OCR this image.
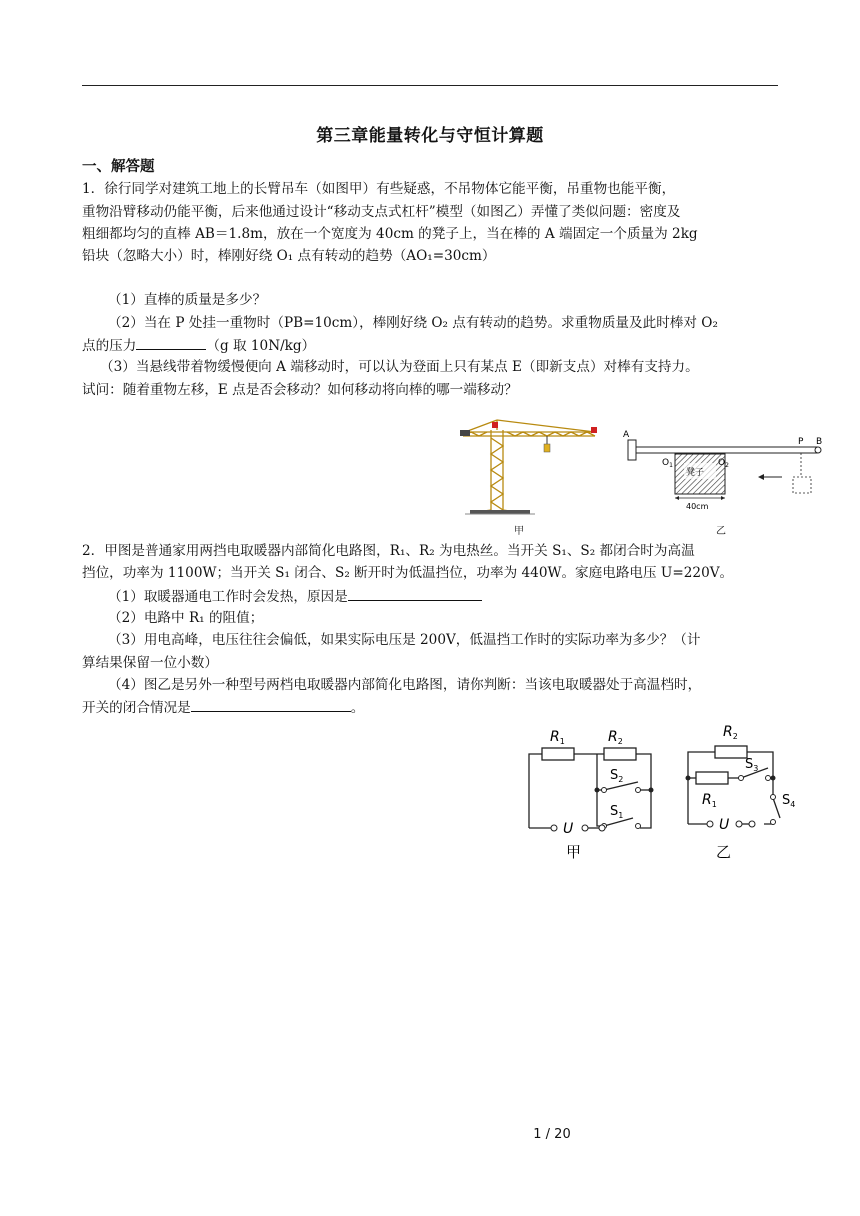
第三章能量转化与守恒计算题
一、解答题
1．徐行同学对建筑工地上的长臂吊车（如图甲）有些疑惑，不吊物体它能平衡，吊重物也能平衡，
重物沿臂移动仍能平衡，后来他通过设计“移动支点式杠杆”模型（如图乙）弄懂了类似问题：密度及
粗细都均匀的直棒 AB＝1.8m，放在一个宽度为 40cm 的凳子上，当在棒的 A 端固定一个质量为 2kg
铅块（忽略大小）时，棒刚好绕 O₁ 点有转动的趋势（AO₁=30cm）
（1）直棒的质量是多少？
（2）当在 P 处挂一重物时（PB=10cm），棒刚好绕 O₂ 点有转动的趋势。求重物质量及此时棒对 O₂
点的压力	（g 取 10N/kg）
（3）当悬线带着物缓慢便向 A 端移动时，可以认为登面上只有某点 E（即新支点）对棒有支持力。
试问：随着重物左移，E 点是否会移动？如何移动将向棒的哪一端移动？
甲
A
P B
凳子
$O_1$	$O_2$
40cm
乙
2．甲图是普通家用两挡电取暖器内部简化电路图，R₁、R₂ 为电热丝。当开关 S₁、S₂ 都闭合时为高温
挡位，功率为 1100W；当开关 S₁ 闭合、S₂ 断开时为低温挡位，功率为 440W。家庭电路电压 U=220V。
（1）取暖器通电工作时会发热，原因是
（2）电路中 R₁ 的阻值；
（3）用电高峰，电压往往会偏低，如果实际电压是 200V，低温挡工作时的实际功率为多少？（计
算结果保留一位小数）
（4）图乙是另外一种型号两档电取暖器内部简化电路图，请你判断：当该电取暖器处于高温档时，
开关的闭合情况是	。
$R_1$	$R_2$
$S_2$
$S_1$
U
甲
$R_2$
$R_1$
$S_3$
$S_4$
U
乙
1 / 20
